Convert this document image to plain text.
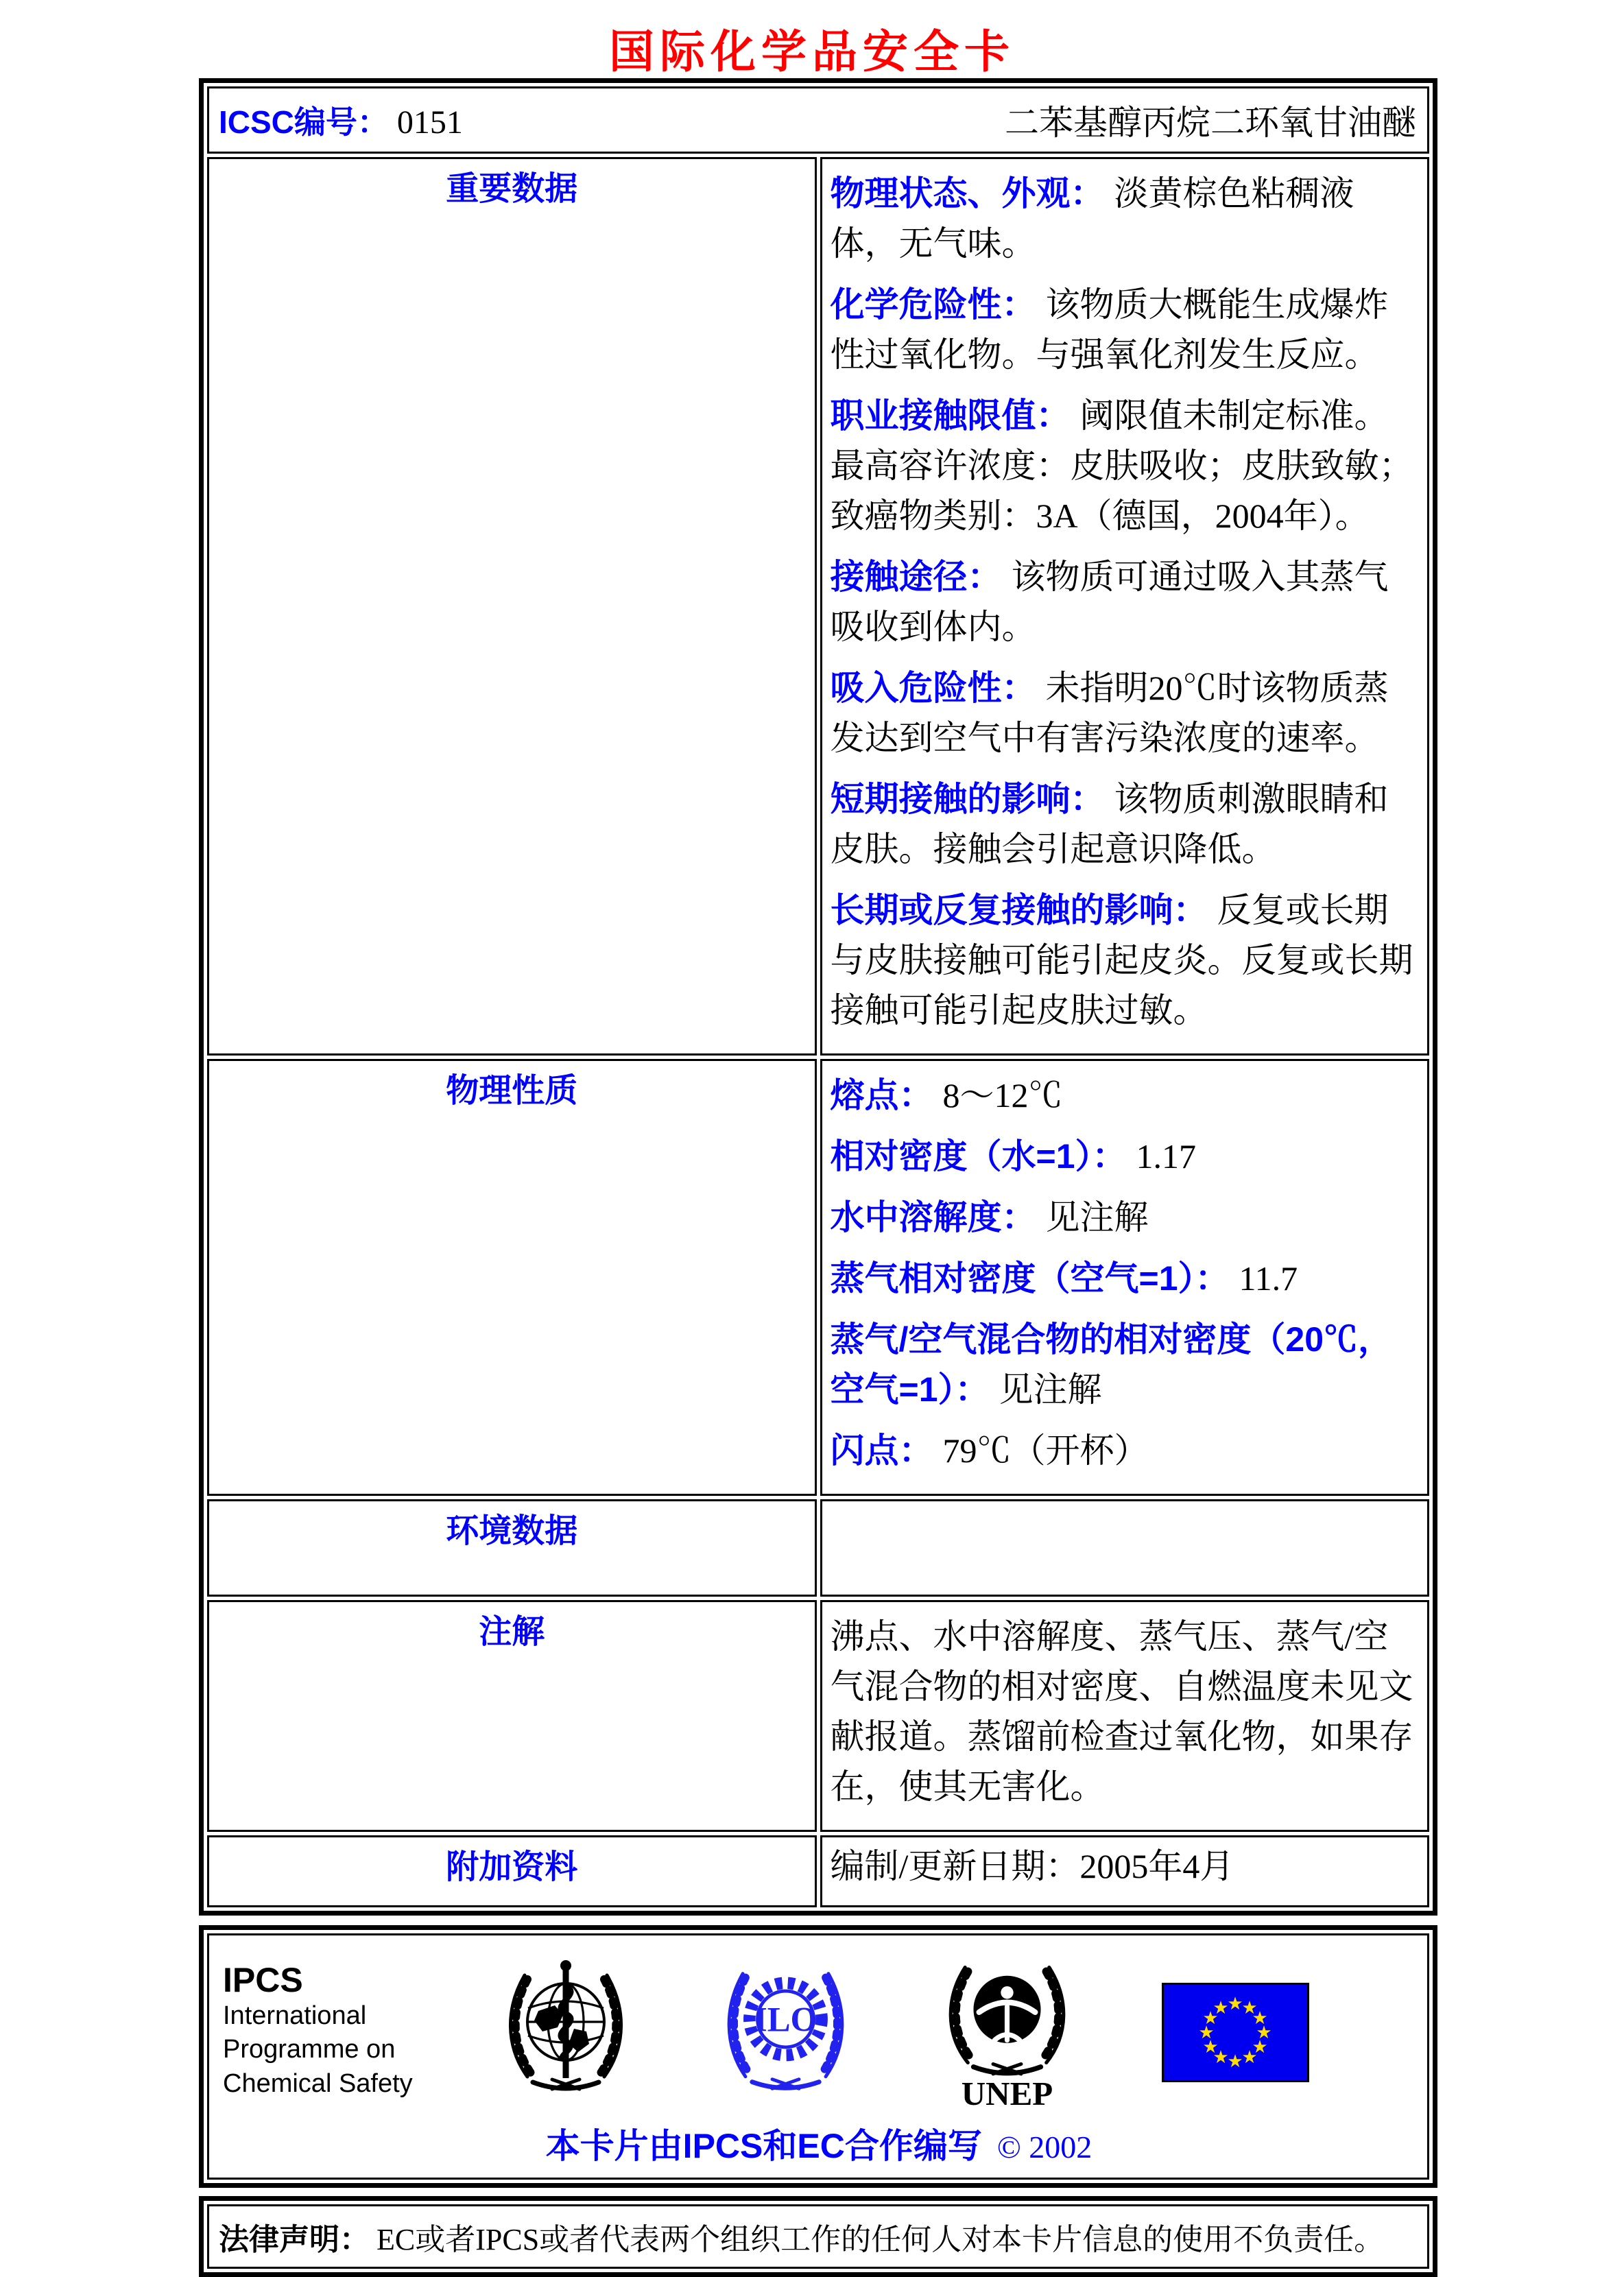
国际化学品安全卡
ICSC编号： 0151 二苯基醇丙烷二环氧甘油醚	

重要数据	物理状态、外观： 淡黄棕色粘稠液体，无气味。

化学危险性： 该物质大概能生成爆炸性过氧化物。与强氧化剂发生反应。

职业接触限值： 阈限值未制定标准。最高容许浓度：皮肤吸收；皮肤致敏；致癌物类别：3A（德国，2004年）。

接触途径： 该物质可通过吸入其蒸气吸收到体内。

吸入危险性： 未指明20℃时该物质蒸发达到空气中有害污染浓度的速率。

短期接触的影响： 该物质刺激眼睛和皮肤。接触会引起意识降低。

长期或反复接触的影响： 反复或长期与皮肤接触可能引起皮炎。反复或长期接触可能引起皮肤过敏。

物理性质	熔点： 8～12℃

相对密度（水=1）： 1.17

水中溶解度： 见注解

蒸气相对密度（空气=1）： 11.7

蒸气/空气混合物的相对密度（20℃，空气=1）： 见注解

闪点： 79℃（开杯）

环境数据	
注解	沸点、水中溶解度、蒸气压、蒸气/空气混合物的相对密度、自燃温度未见文献报道。蒸馏前检查过氧化物，如果存在，使其无害化。

附加资料	编制/更新日期：2005年4月

IPCS

International

Programme on

Chemical Safety

ILO
UNEP
★
★
★
★
★
★
★
★
★
★
★
★
本卡片由IPCS和EC合作编写 © 2002
法律声明： EC或者IPCS或者代表两个组织工作的任何人对本卡片信息的使用不负责任。
